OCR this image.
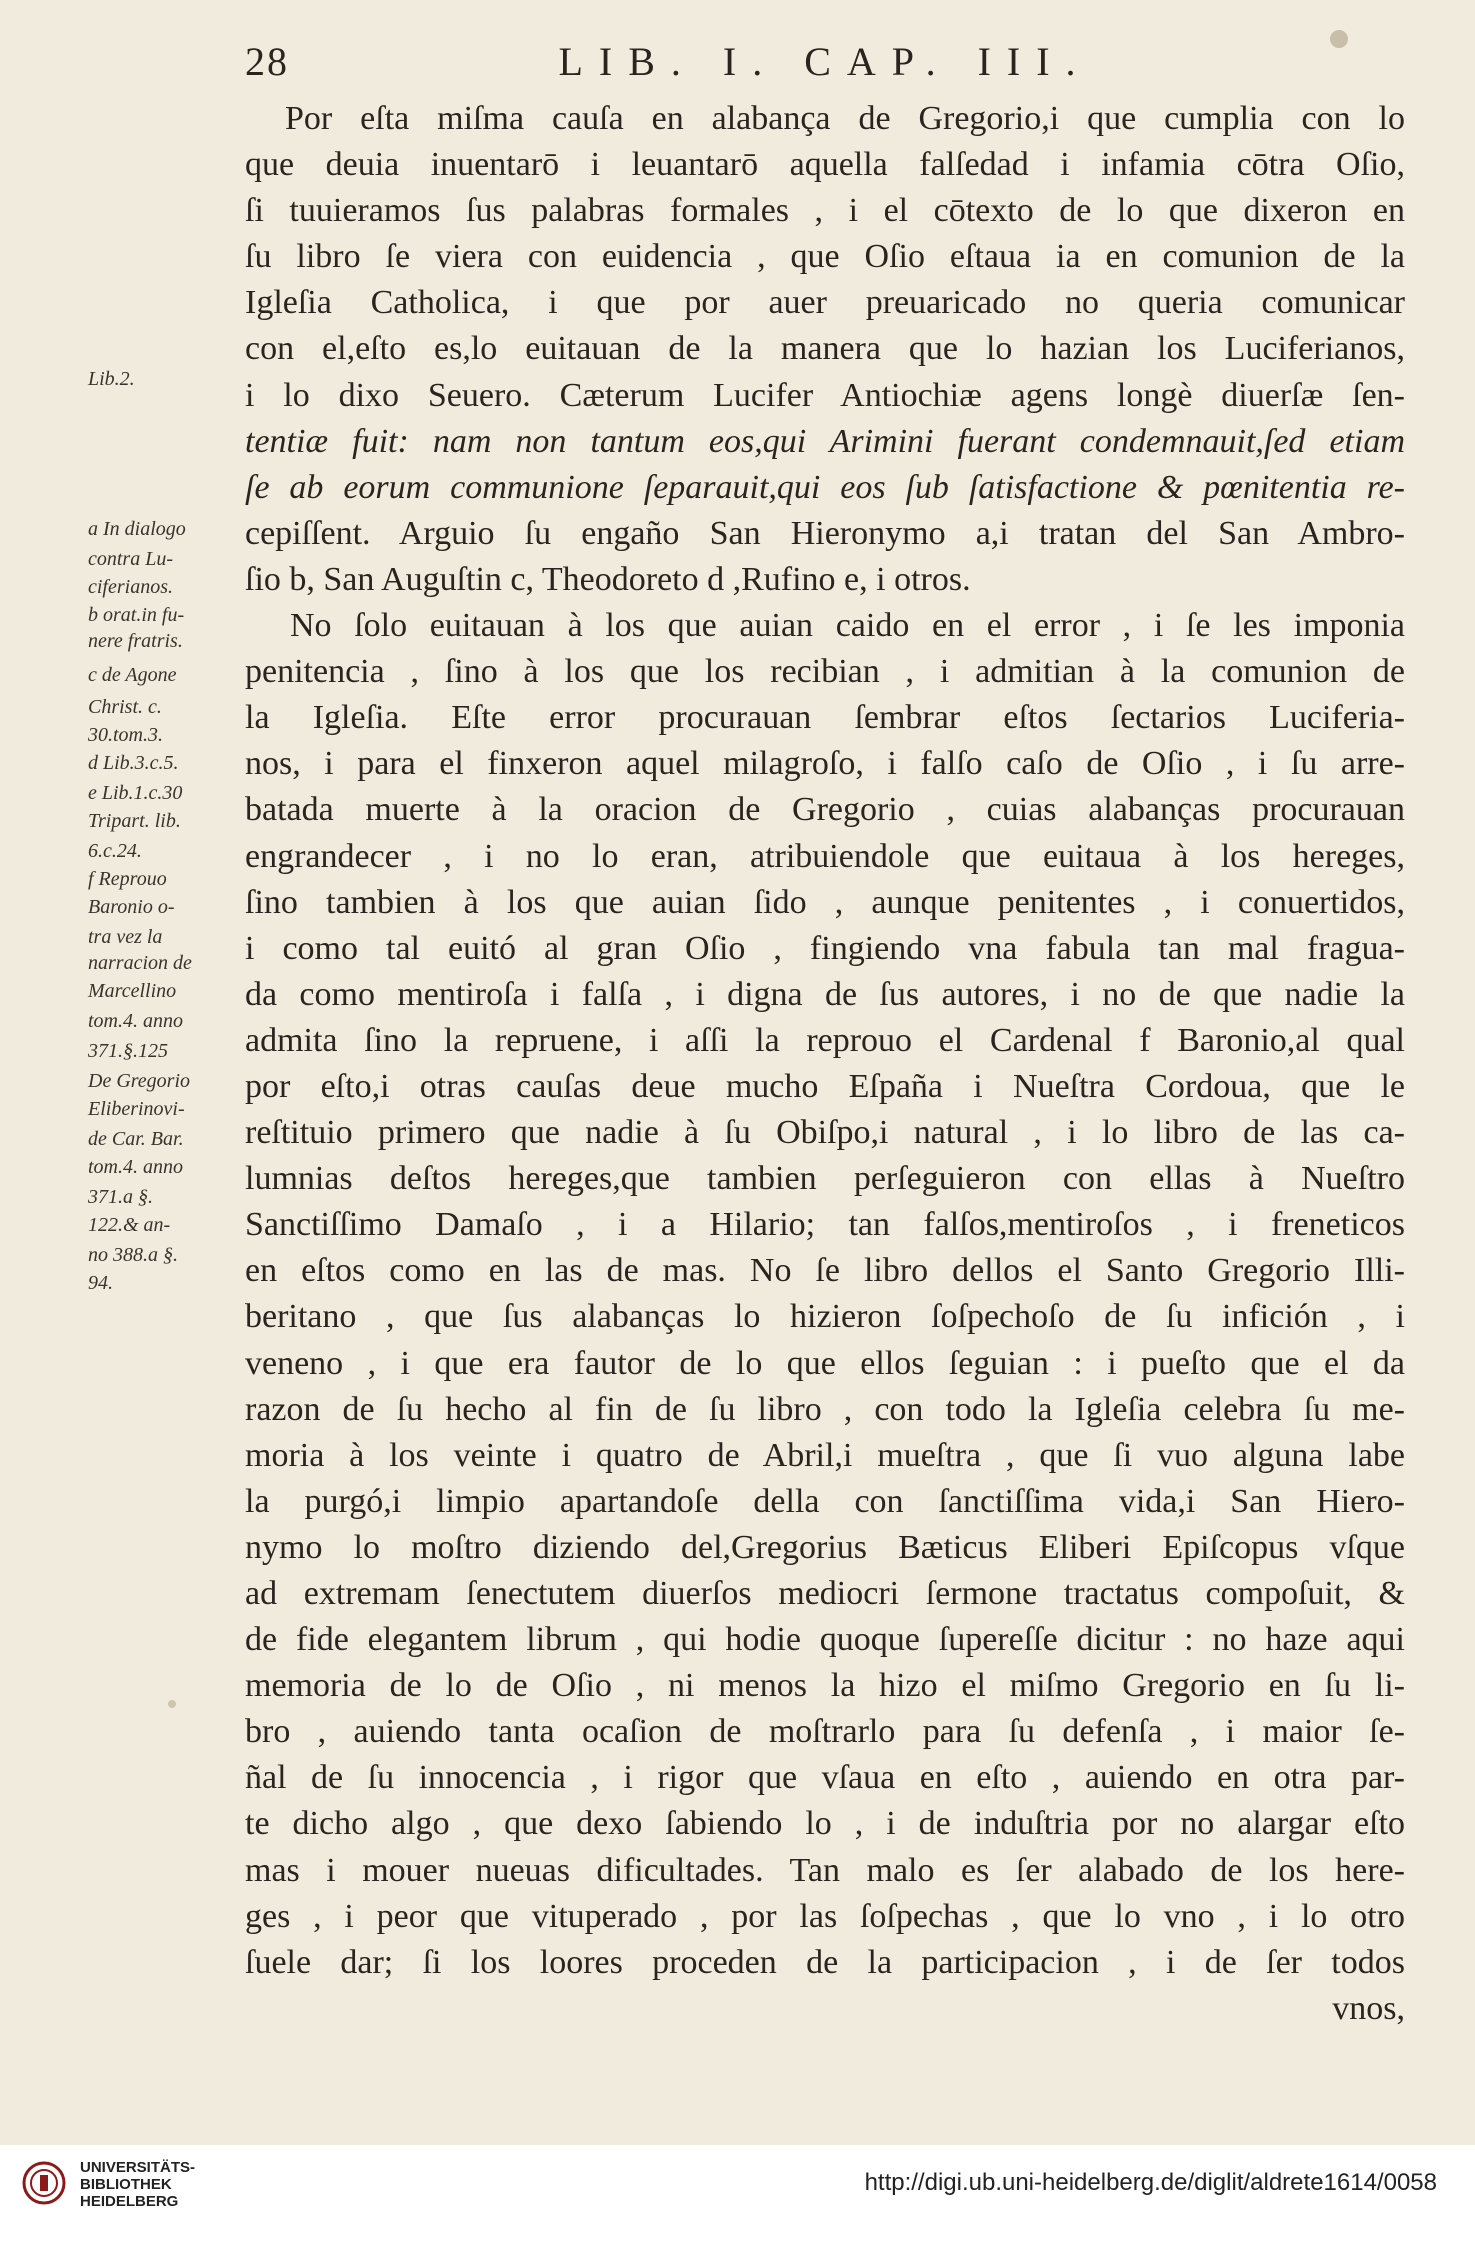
28	LIB. I. CAP. III.
Por eſta miſma cauſa en alabança de Gregorio,i que cumplia con lo
que deuia inuentarō i leuantarō aquella falſedad i infamia cōtra Oſio,
ſi tuuieramos ſus palabras formales , i el cōtexto de lo que dixeron en
ſu libro ſe viera con euidencia , que Oſio eſtaua ia en comunion de la
Igleſia Catholica, i que por auer preuaricado no queria comunicar
con el,eſto es,lo euitauan de la manera que lo hazian los Luciferianos,
i lo dixo Seuero. Cæterum Lucifer Antiochiæ agens longè diuerſæ ſen-
tentiæ fuit: nam non tantum eos,qui Arimini fuerant condemnauit,ſed etiam
ſe ab eorum communione ſeparauit,qui eos ſub ſatisfactione & pœnitentia re-
cepiſſent. Arguio ſu engaño San Hieronymo a,i tratan del San Ambro-
ſio b, San Auguſtin c, Theodoreto d ,Rufino e, i otros.
No ſolo euitauan à los que auian caido en el error , i ſe les imponia
penitencia , ſino à los que los recibian , i admitian à la comunion de
la Igleſia. Eſte error procurauan ſembrar eſtos ſectarios Luciferia-
nos, i para el finxeron aquel milagroſo, i falſo caſo de Oſio , i ſu arre-
batada muerte à la oracion de Gregorio , cuias alabanças procurauan
engrandecer , i no lo eran, atribuiendole que euitaua à los hereges,
ſino tambien à los que auian ſido , aunque penitentes , i conuertidos,
i como tal euitó al gran Oſio , fingiendo vna fabula tan mal fragua-
da como mentiroſa i falſa , i digna de ſus autores, i no de que nadie la
admita ſino la repruene, i aſſi la reprouo el Cardenal f Baronio,al qual
por eſto,i otras cauſas deue mucho Eſpaña i Nueſtra Cordoua, que le
reſtituio primero que nadie à ſu Obiſpo,i natural , i lo libro de las ca-
lumnias deſtos hereges,que tambien perſeguieron con ellas à Nueſtro
Sanctiſſimo Damaſo , i a Hilario; tan falſos,mentiroſos , i freneticos
en eſtos como en las de mas. No ſe libro dellos el Santo Gregorio Illi-
beritano , que ſus alabanças lo hizieron ſoſpechoſo de ſu infición , i
veneno , i que era fautor de lo que ellos ſeguian : i pueſto que el da
razon de ſu hecho al fin de ſu libro , con todo la Igleſia celebra ſu me-
moria à los veinte i quatro de Abril,i mueſtra , que ſi vuo alguna labe
la purgó,i limpio apartandoſe della con ſanctiſſima vida,i San Hiero-
nymo lo moſtro diziendo del,Gregorius Bæticus Eliberi Epiſcopus vſque
ad extremam ſenectutem diuerſos mediocri ſermone tractatus compoſuit, &
de fide elegantem librum , qui hodie quoque ſupereſſe dicitur : no haze aqui
memoria de lo de Oſio , ni menos la hizo el miſmo Gregorio en ſu li-
bro , auiendo tanta ocaſion de moſtrarlo para ſu defenſa , i maior ſe-
ñal de ſu innocencia , i rigor que vſaua en eſto , auiendo en otra par-
te dicho algo , que dexo ſabiendo lo , i de induſtria por no alargar eſto
mas i mouer nueuas dificultades. Tan malo es ſer alabado de los here-
ges , i peor que vituperado , por las ſoſpechas , que lo vno , i lo otro
ſuele dar; ſi los loores proceden de la participacion , i de ſer todos
vnos,
Lib.2.
a In dialogo
contra Lu-
ciferianos.
b orat.in fu-
nere fratris.
c de Agone
Christ. c.
30.tom.3.
d Lib.3.c.5.
e Lib.1.c.30
Tripart. lib.
6.c.24.
f Reprouo
Baronio o-
tra vez la
narracion de
Marcellino
tom.4. anno
371.§.125
De Gregorio
Eliberinovi-
de Car. Bar.
tom.4. anno
371.a §.
122.& an-
no 388.a §.
94.
UNIVERSITÄTS-
BIBLIOTHEK
HEIDELBERG
http://digi.ub.uni-heidelberg.de/diglit/aldrete1614/0058
